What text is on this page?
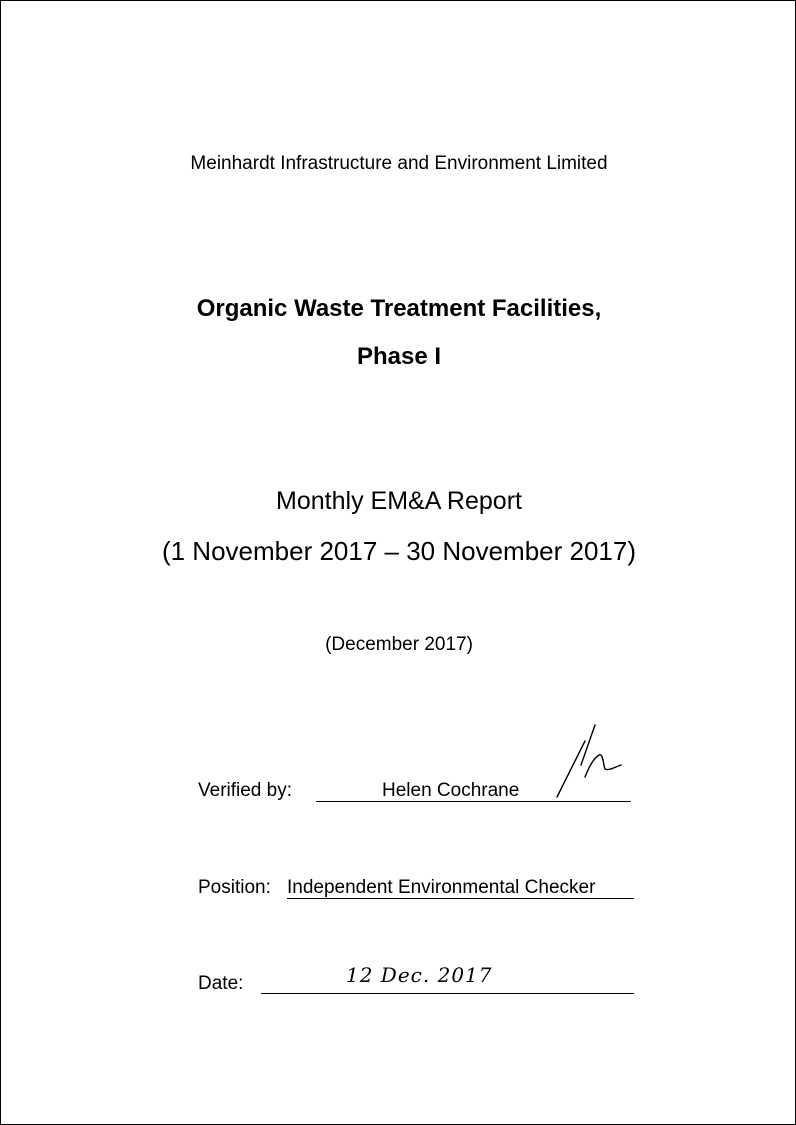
Meinhardt Infrastructure and Environment Limited
Organic Waste Treatment Facilities,
Phase I
Monthly EM&A Report
(1 November 2017 – 30 November 2017)
(December 2017)
Verified by:	Helen Cochrane
Position: Independent Environmental Checker
Date:	12 Dec. 2017
